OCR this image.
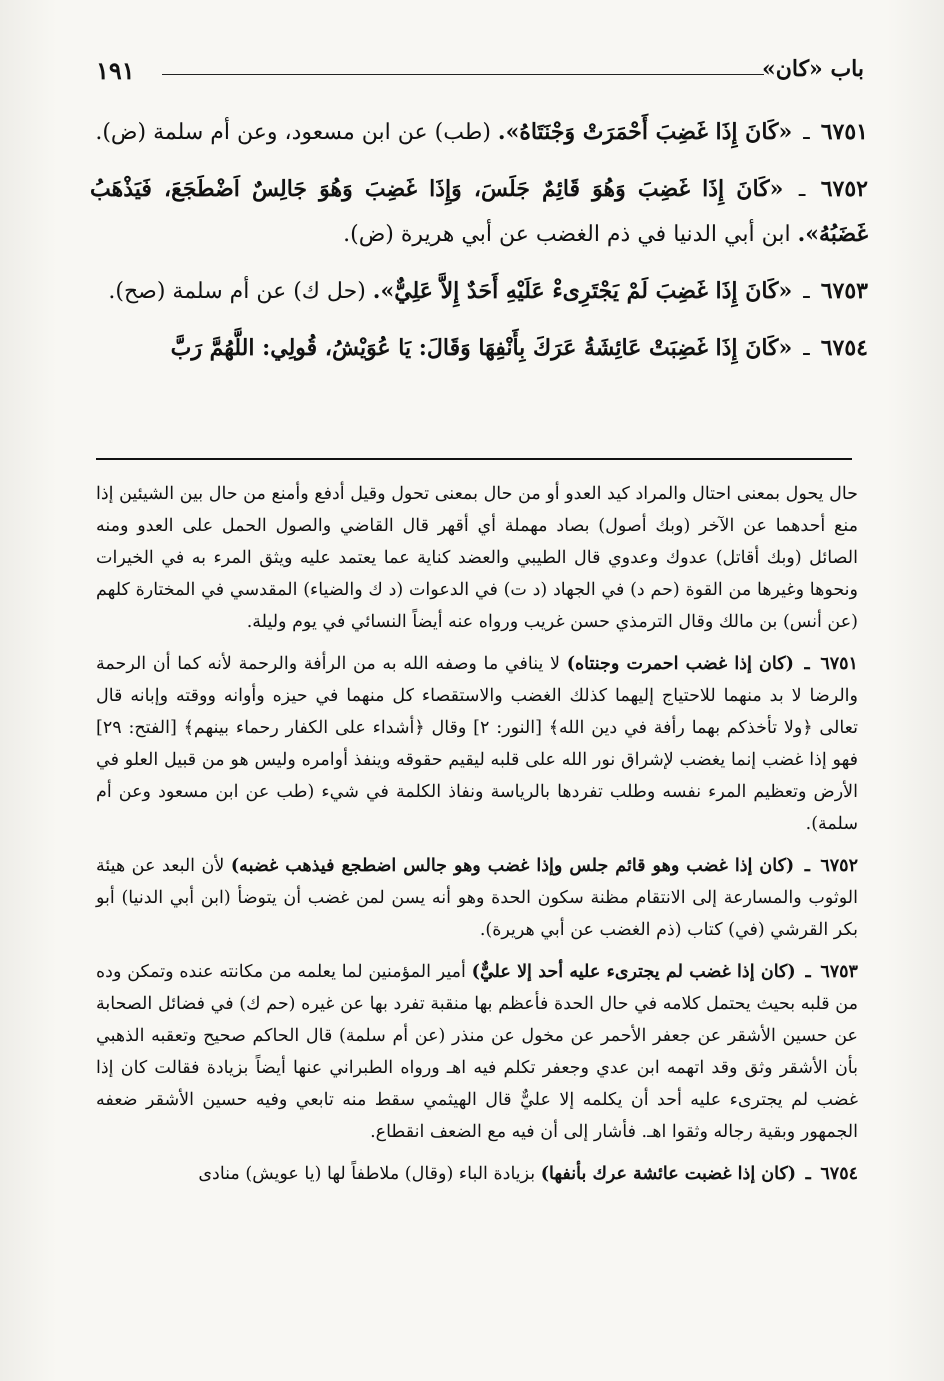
باب «كان»
١٩١

٦٧٥١ ـ «كَانَ إِذَا غَضِبَ أَحْمَرَتْ وَجْنَتَاهُ». (طب) عن ابن مسعود، وعن أم سلمة (ض).

٦٧٥٢ ـ «كَانَ إِذَا غَضِبَ وَهُوَ قَائِمٌ جَلَسَ، وَإِذَا غَضِبَ وَهُوَ جَالِسٌ اَضْطَجَعَ، فَيَذْهَبُ غَضَبُهُ». ابن أبي الدنيا في ذم الغضب عن أبي هريرة (ض).

٦٧٥٣ ـ «كَانَ إِذَا غَضِبَ لَمْ يَجْتَرِىءْ عَلَيْهِ أَحَدٌ إِلاَّ عَلِيٌّ». (حل ك) عن أم سلمة (صح).

٦٧٥٤ ـ «كَانَ إِذَا غَضِبَتْ عَائِشَةُ عَرَكَ بِأَنْفِهَا وَقَالَ: يَا عُوَيْشُ، قُولِي: اللَّهُمَّ رَبَّ

حال يحول بمعنى احتال والمراد كيد العدو أو من حال بمعنى تحول وقيل أدفع وأمنع من حال بين الشيئين إذا منع أحدهما عن الآخر (وبك أصول) بصاد مهملة أي أقهر قال القاضي والصول الحمل على العدو ومنه الصائل (وبك أقاتل) عدوك وعدوي قال الطيبي والعضد كناية عما يعتمد عليه ويثق المرء به في الخيرات ونحوها وغيرها من القوة (حم د) في الجهاد (د ت) في الدعوات (د ك والضياء) المقدسي في المختارة كلهم (عن أنس) بن مالك وقال الترمذي حسن غريب ورواه عنه أيضاً النسائي في يوم وليلة.

٦٧٥١ ـ (كان إذا غضب احمرت وجنتاه) لا ينافي ما وصفه الله به من الرأفة والرحمة لأنه كما أن الرحمة والرضا لا بد منهما للاحتياج إليهما كذلك الغضب والاستقصاء كل منهما في حيزه وأوانه ووقته وإبانه قال تعالى ﴿ولا تأخذكم بهما رأفة في دين الله﴾ [النور: ٢] وقال ﴿أشداء على الكفار رحماء بينهم﴾ [الفتح: ٢٩] فهو إذا غضب إنما يغضب لإشراق نور الله على قلبه ليقيم حقوقه وينفذ أوامره وليس هو من قبيل العلو في الأرض وتعظيم المرء نفسه وطلب تفردها بالرياسة ونفاذ الكلمة في شيء (طب عن ابن مسعود وعن أم سلمة).

٦٧٥٢ ـ (كان إذا غضب وهو قائم جلس وإذا غضب وهو جالس اضطجع فيذهب غضبه) لأن البعد عن هيئة الوثوب والمسارعة إلى الانتقام مظنة سكون الحدة وهو أنه يسن لمن غضب أن يتوضأ (ابن أبي الدنيا) أبو بكر القرشي (في) كتاب (ذم الغضب عن أبي هريرة).

٦٧٥٣ ـ (كان إذا غضب لم يجترىء عليه أحد إلا عليٌّ) أمير المؤمنين لما يعلمه من مكانته عنده وتمكن وده من قلبه بحيث يحتمل كلامه في حال الحدة فأعظم بها منقبة تفرد بها عن غيره (حم ك) في فضائل الصحابة عن حسين الأشقر عن جعفر الأحمر عن مخول عن منذر (عن أم سلمة) قال الحاكم صحيح وتعقبه الذهبي بأن الأشقر وثق وقد اتهمه ابن عدي وجعفر تكلم فيه اهـ ورواه الطبراني عنها أيضاً بزيادة فقالت كان إذا غضب لم يجترىء عليه أحد أن يكلمه إلا عليٌّ قال الهيثمي سقط منه تابعي وفيه حسين الأشقر ضعفه الجمهور وبقية رجاله وثقوا اهـ. فأشار إلى أن فيه مع الضعف انقطاع.

٦٧٥٤ ـ (كان إذا غضبت عائشة عرك بأنفها) بزيادة الباء (وقال) ملاطفاً لها (يا عويش) منادى
